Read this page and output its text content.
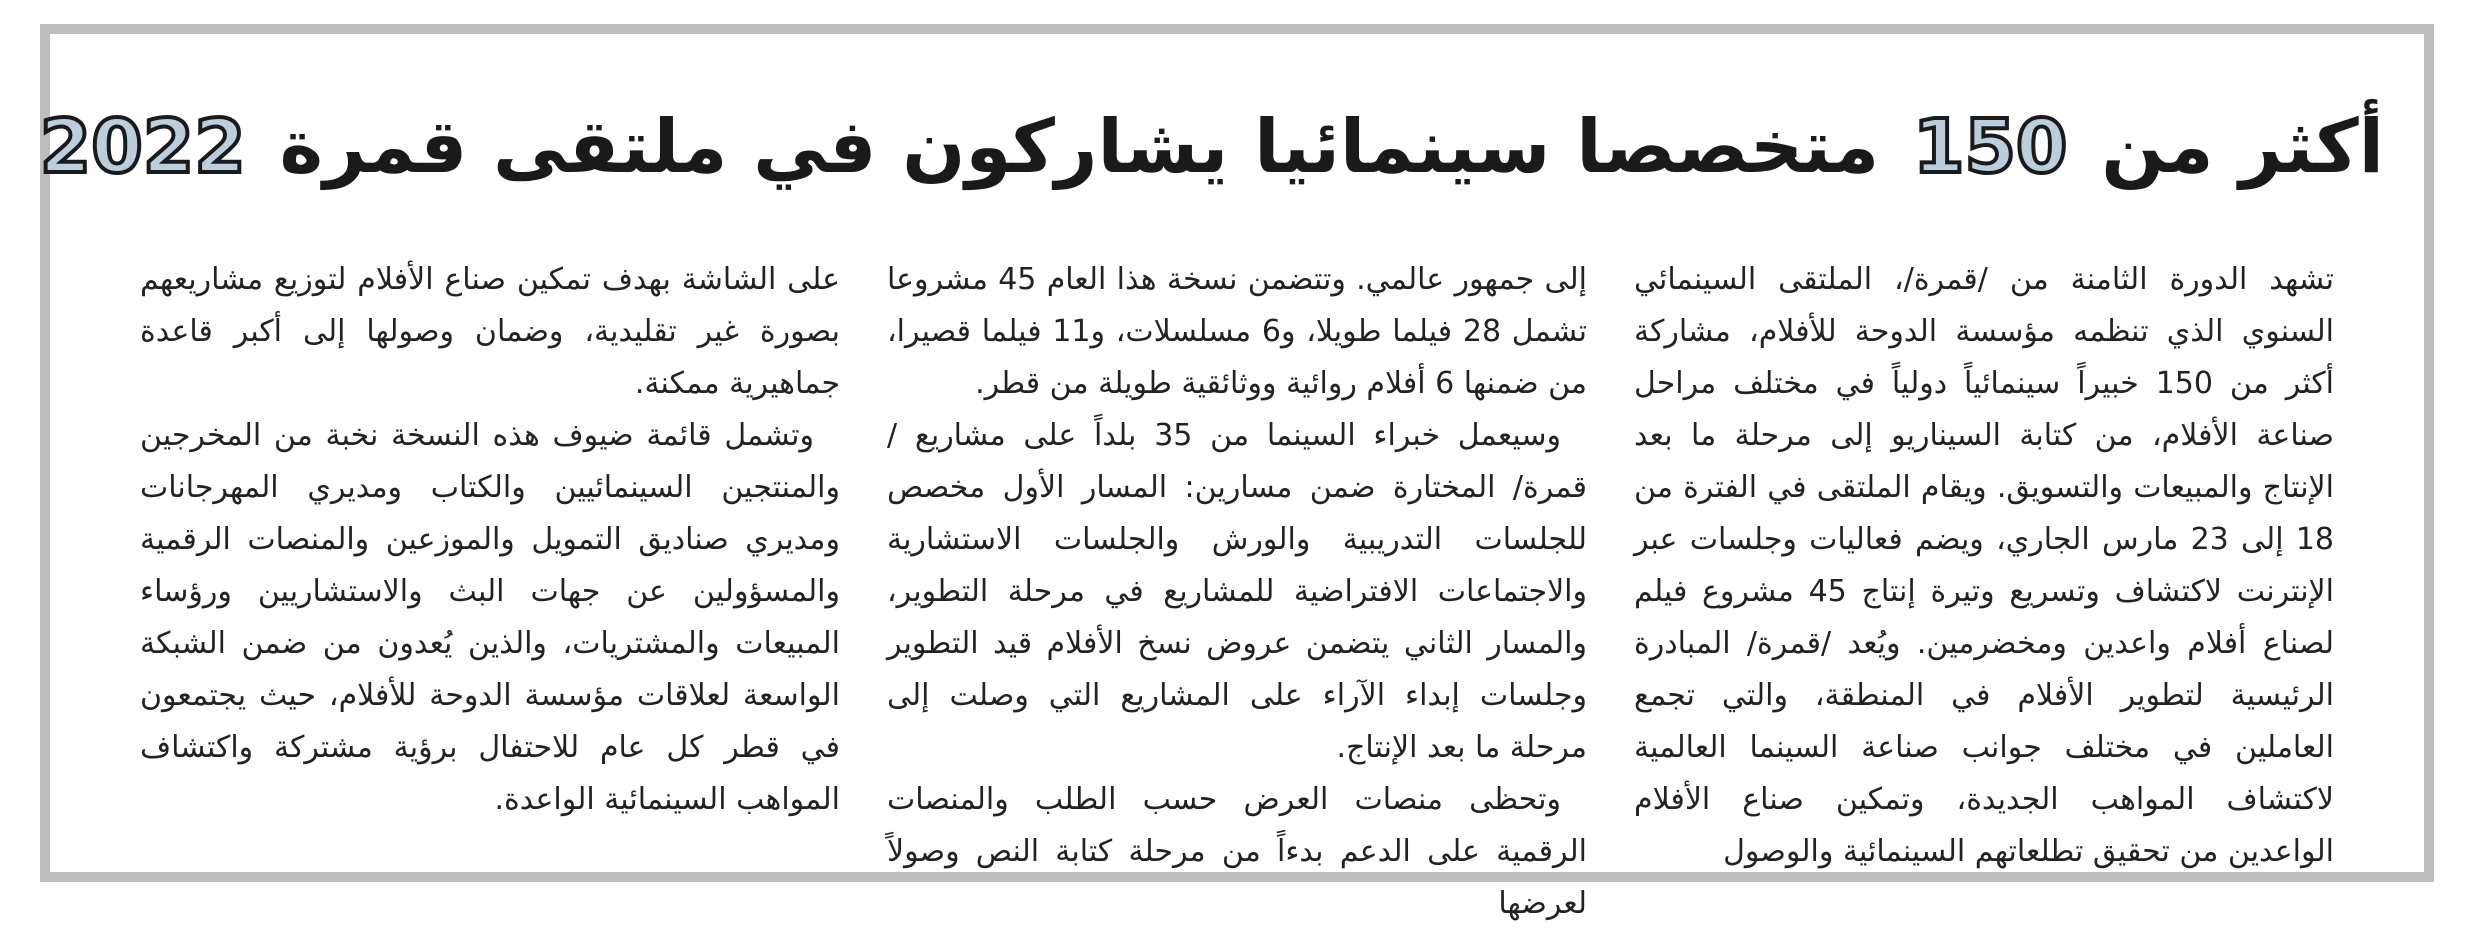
أكثر من 150 متخصصا سينمائيا يشاركون في ملتقى قمرة 2022

تشهد الدورة الثامنة من /قمرة/، الملتقى السينمائي السنوي الذي تنظمه مؤسسة الدوحة للأفلام، مشاركة أكثر من 150 خبيراً سينمائياً دولياً في مختلف مراحل صناعة الأفلام، من كتابة السيناريو إلى مرحلة ما بعد الإنتاج والمبيعات والتسويق. ويقام الملتقى في الفترة من 18 إلى 23 مارس الجاري، ويضم فعاليات وجلسات عبر الإنترنت لاكتشاف وتسريع وتيرة إنتاج 45 مشروع فيلم لصناع أفلام واعدين ومخضرمين. ويُعد /قمرة/ المبادرة الرئيسية لتطوير الأفلام في المنطقة، والتي تجمع العاملين في مختلف جوانب صناعة السينما العالمية لاكتشاف المواهب الجديدة، وتمكين صناع الأفلام الواعدين من تحقيق تطلعاتهم السينمائية والوصول

إلى جمهور عالمي. وتتضمن نسخة هذا العام 45 مشروعا تشمل 28 فيلما طويلا، و6 مسلسلات، و11 فيلما قصيرا، من ضمنها 6 أفلام روائية ووثائقية طويلة من قطر.

وسيعمل خبراء السينما من 35 بلداً على مشاريع /قمرة/ المختارة ضمن مسارين: المسار الأول مخصص للجلسات التدريبية والورش والجلسات الاستشارية والاجتماعات الافتراضية للمشاريع في مرحلة التطوير، والمسار الثاني يتضمن عروض نسخ الأفلام قيد التطوير وجلسات إبداء الآراء على المشاريع التي وصلت إلى مرحلة ما بعد الإنتاج.

وتحظى منصات العرض حسب الطلب والمنصات الرقمية على الدعم بدءاً من مرحلة كتابة النص وصولاً لعرضها

على الشاشة بهدف تمكين صناع الأفلام لتوزيع مشاريعهم بصورة غير تقليدية، وضمان وصولها إلى أكبر قاعدة جماهيرية ممكنة.

وتشمل قائمة ضيوف هذه النسخة نخبة من المخرجين والمنتجين السينمائيين والكتاب ومديري المهرجانات ومديري صناديق التمويل والموزعين والمنصات الرقمية والمسؤولين عن جهات البث والاستشاريين ورؤساء المبيعات والمشتريات، والذين يُعدون من ضمن الشبكة الواسعة لعلاقات مؤسسة الدوحة للأفلام، حيث يجتمعون في قطر كل عام للاحتفال برؤية مشتركة واكتشاف المواهب السينمائية الواعدة.
